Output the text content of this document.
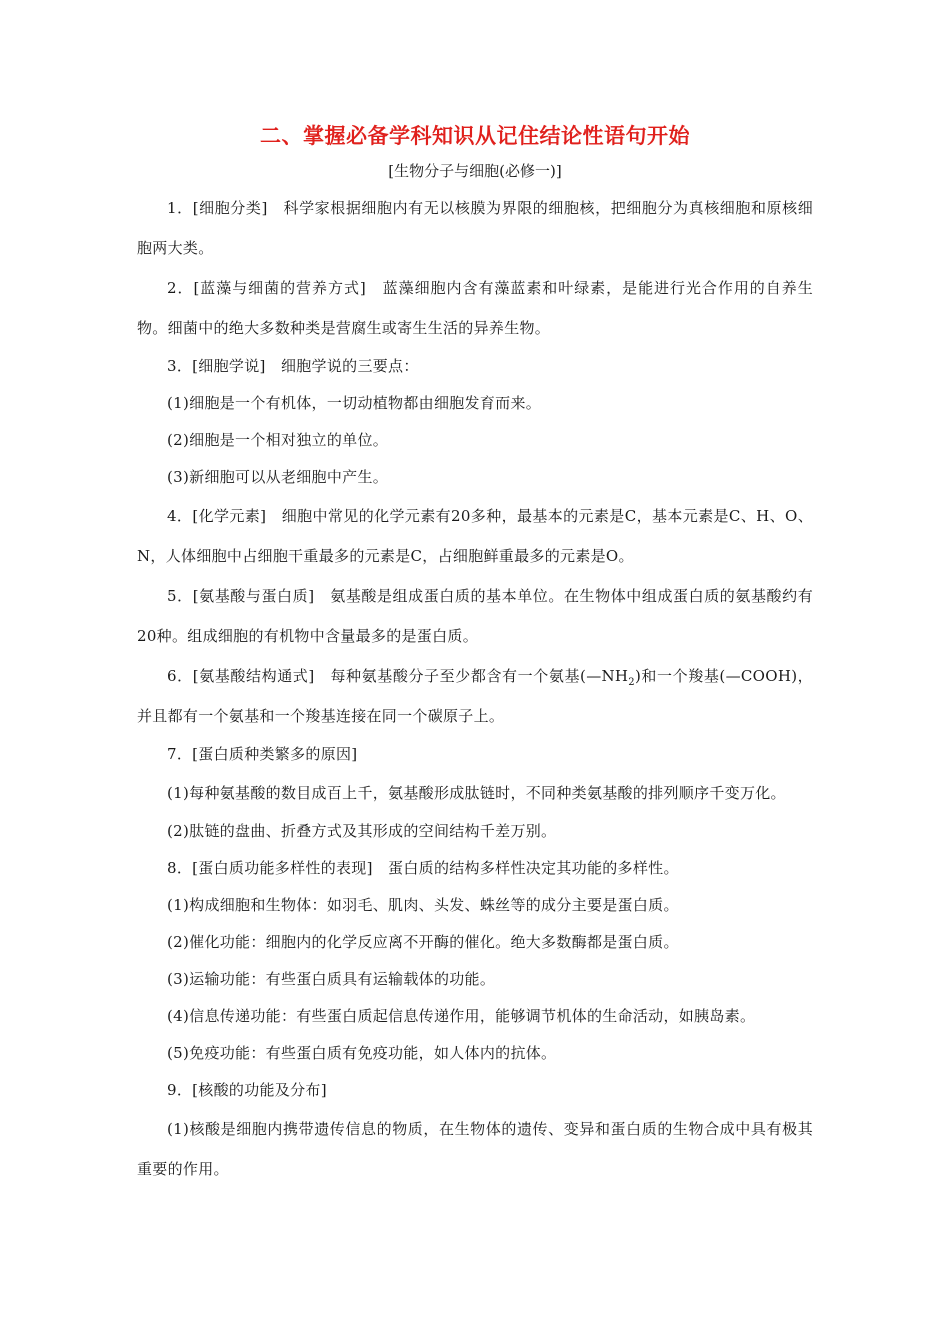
二、掌握必备学科知识从记住结论性语句开始
[生物分子与细胞(必修一)]

1．[细胞分类]　科学家根据细胞内有无以核膜为界限的细胞核，把细胞分为真核细胞和原核细胞两大类。

2．[蓝藻与细菌的营养方式]　蓝藻细胞内含有藻蓝素和叶绿素，是能进行光合作用的自养生物。细菌中的绝大多数种类是营腐生或寄生生活的异养生物。

3．[细胞学说]　细胞学说的三要点：

(1)细胞是一个有机体，一切动植物都由细胞发育而来。

(2)细胞是一个相对独立的单位。

(3)新细胞可以从老细胞中产生。

4．[化学元素]　细胞中常见的化学元素有20多种，最基本的元素是C，基本元素是C、H、O、N，人体细胞中占细胞干重最多的元素是C，占细胞鲜重最多的元素是O。

5．[氨基酸与蛋白质]　氨基酸是组成蛋白质的基本单位。在生物体中组成蛋白质的氨基酸约有20种。组成细胞的有机物中含量最多的是蛋白质。

6．[氨基酸结构通式]　每种氨基酸分子至少都含有一个氨基$(—NH_2)$和一个羧基(—COOH)，并且都有一个氨基和一个羧基连接在同一个碳原子上。

7．[蛋白质种类繁多的原因]

(1)每种氨基酸的数目成百上千，氨基酸形成肽链时，不同种类氨基酸的排列顺序千变万化。

(2)肽链的盘曲、折叠方式及其形成的空间结构千差万别。

8．[蛋白质功能多样性的表现]　蛋白质的结构多样性决定其功能的多样性。

(1)构成细胞和生物体：如羽毛、肌肉、头发、蛛丝等的成分主要是蛋白质。

(2)催化功能：细胞内的化学反应离不开酶的催化。绝大多数酶都是蛋白质。

(3)运输功能：有些蛋白质具有运输载体的功能。

(4)信息传递功能：有些蛋白质起信息传递作用，能够调节机体的生命活动，如胰岛素。

(5)免疫功能：有些蛋白质有免疫功能，如人体内的抗体。

9．[核酸的功能及分布]

(1)核酸是细胞内携带遗传信息的物质，在生物体的遗传、变异和蛋白质的生物合成中具有极其重要的作用。
